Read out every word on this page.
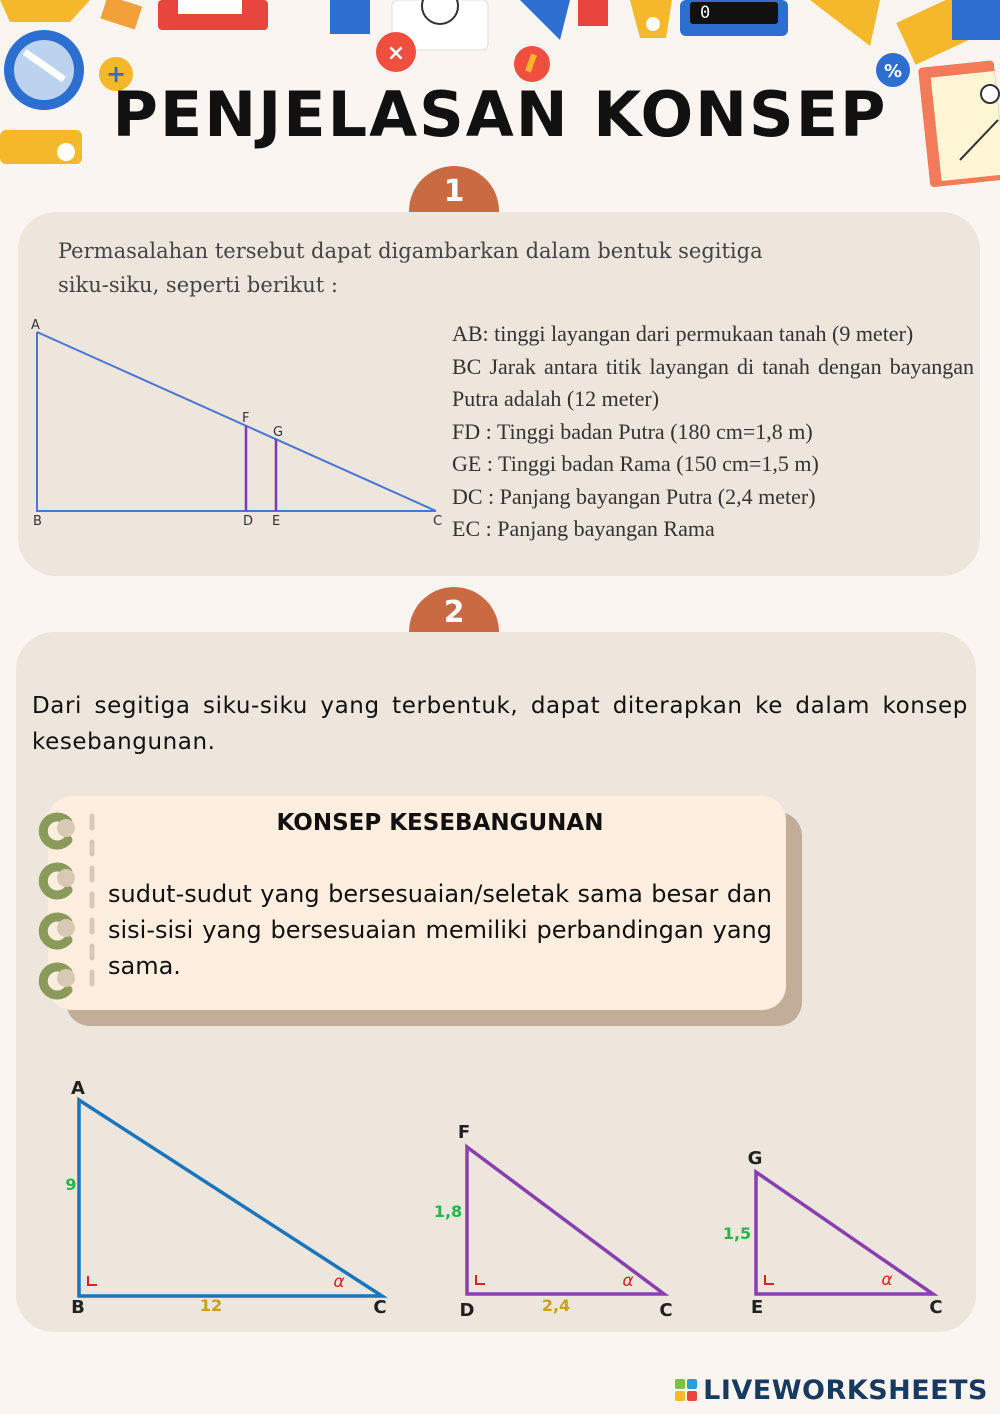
×
%
+
0
PENJELASAN KONSEP
1

Permasalahan tersebut dapat digambarkan dalam bentuk segitiga siku-siku, seperti berikut :

A
B	C
D E
F
G
AB: tinggi layangan dari permukaan tanah (9 meter)
BC Jarak antara titik layangan di tanah dengan bayangan Putra adalah (12 meter)
FD : Tinggi badan Putra (180 cm=1,8 m)
GE : Tinggi badan Rama (150 cm=1,5 m)
DC : Panjang bayangan Putra (2,4 meter)
EC : Panjang bayangan Rama
2

Dari segitiga siku-siku yang terbentuk, dapat diterapkan ke dalam konsep kesebangunan.

KONSEP KESEBANGUNAN

sudut-sudut yang bersesuaian/seletak sama besar dan sisi-sisi yang bersesuaian memiliki perbandingan yang sama.

A
B	C
9
12
α
F
D	C
1,8
2,4
α
G
E	C
1,5
α
LIVEWORKSHEETS
